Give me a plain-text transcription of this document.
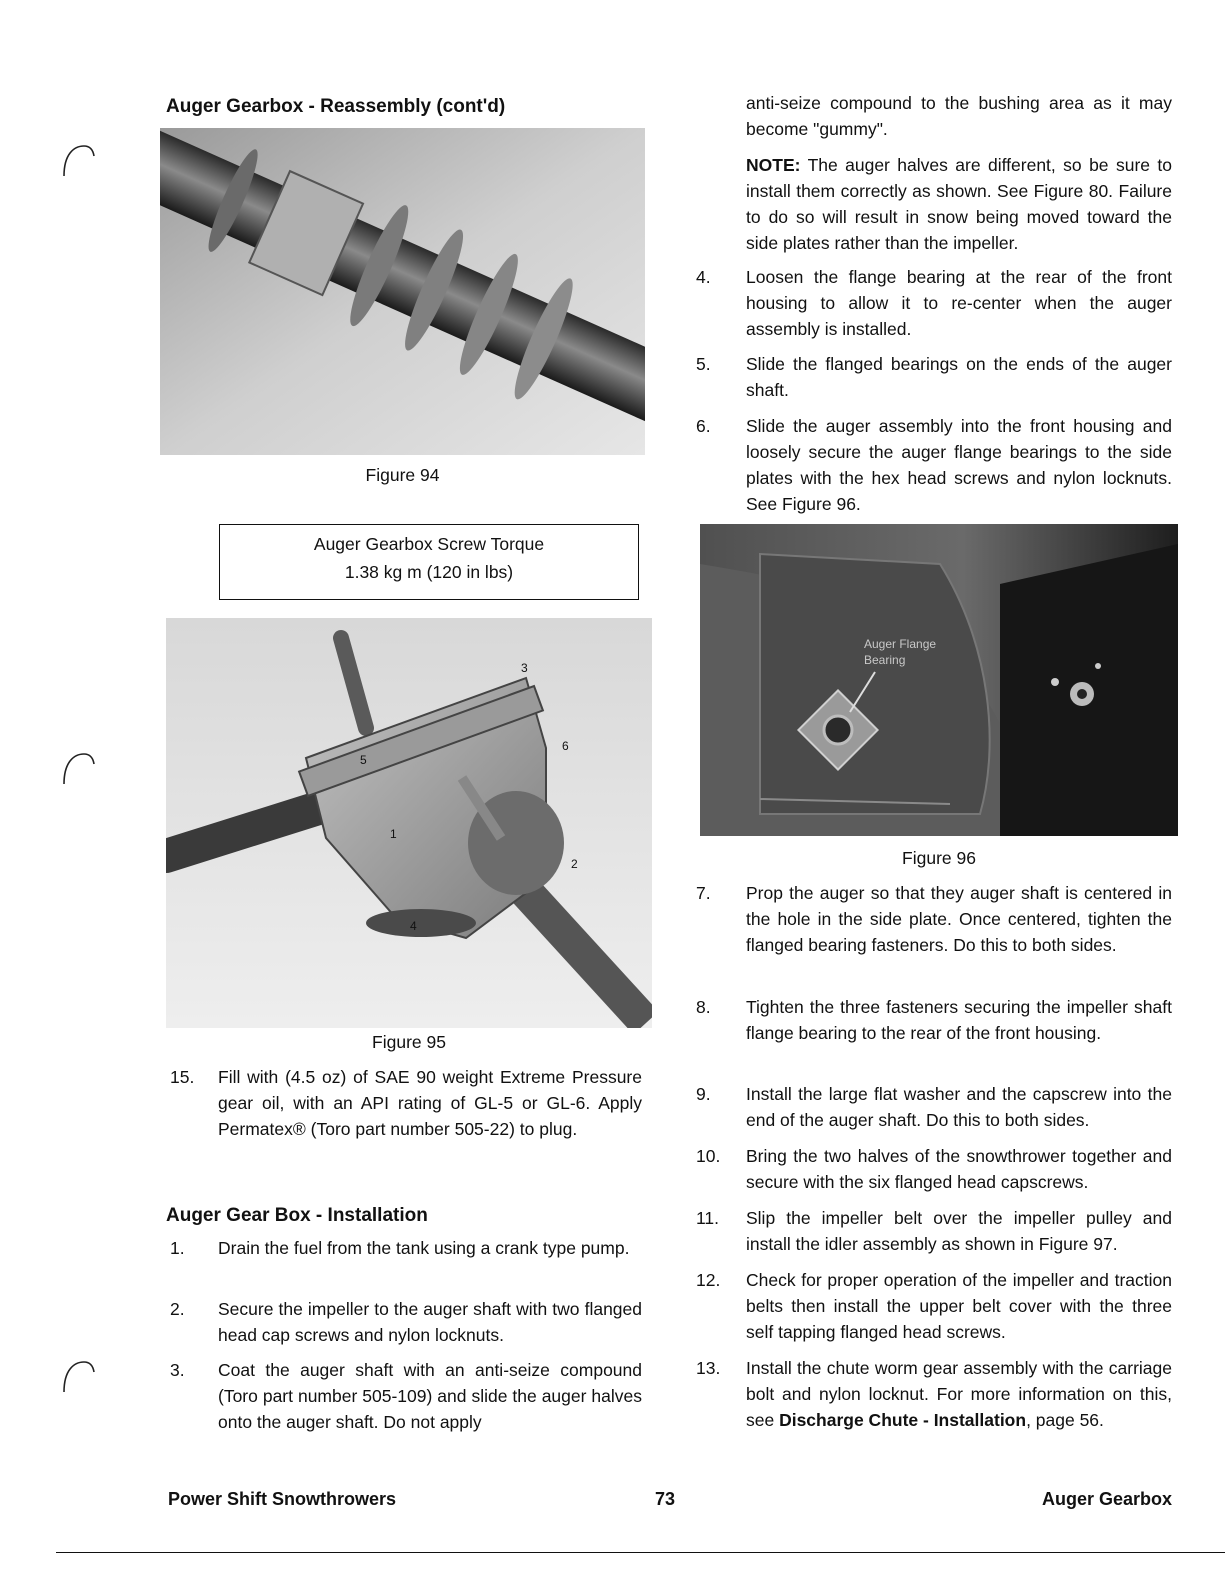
Auger Gearbox - Reassembly (cont'd)
Figure 94
Auger Gearbox Screw Torque
1.38 kg m (120 in lbs)
3
6
5
1
2
4
Figure 95
15. Fill with (4.5 oz) of SAE 90 weight Extreme Pressure gear oil, with an API rating of GL-5 or GL-6. Apply Permatex® (Toro part number 505-22) to plug.
Auger Gear Box - Installation
1. Drain the fuel from the tank using a crank type pump.
2. Secure the impeller to the auger shaft with two flanged head cap screws and nylon locknuts.
3. Coat the auger shaft with an anti-seize compound (Toro part number 505-109) and slide the auger halves onto the auger shaft. Do not apply
anti-seize compound to the bushing area as it may become "gummy".
NOTE: The auger halves are different, so be sure to install them correctly as shown. See Figure 80. Failure to do so will result in snow being moved toward the side plates rather than the impeller.
4. Loosen the flange bearing at the rear of the front housing to allow it to re-center when the auger assembly is installed.
5. Slide the flanged bearings on the ends of the auger shaft.
6. Slide the auger assembly into the front housing and loosely secure the auger flange bearings to the side plates with the hex head screws and nylon locknuts. See Figure 96.
Auger Flange
Bearing
Figure 96
7. Prop the auger so that they auger shaft is centered in the hole in the side plate. Once centered, tighten the flanged bearing fasteners. Do this to both sides.
8. Tighten the three fasteners securing the impeller shaft flange bearing to the rear of the front housing.
9. Install the large flat washer and the capscrew into the end of the auger shaft. Do this to both sides.
10. Bring the two halves of the snowthrower together and secure with the six flanged head capscrews.
11. Slip the impeller belt over the impeller pulley and install the idler assembly as shown in Figure 97.
12. Check for proper operation of the impeller and traction belts then install the upper belt cover with the three self tapping flanged head screws.
13. Install the chute worm gear assembly with the carriage bolt and nylon locknut. For more information on this, see Discharge Chute - Installation, page 56.
Power Shift Snowthrowers	73	Auger Gearbox
